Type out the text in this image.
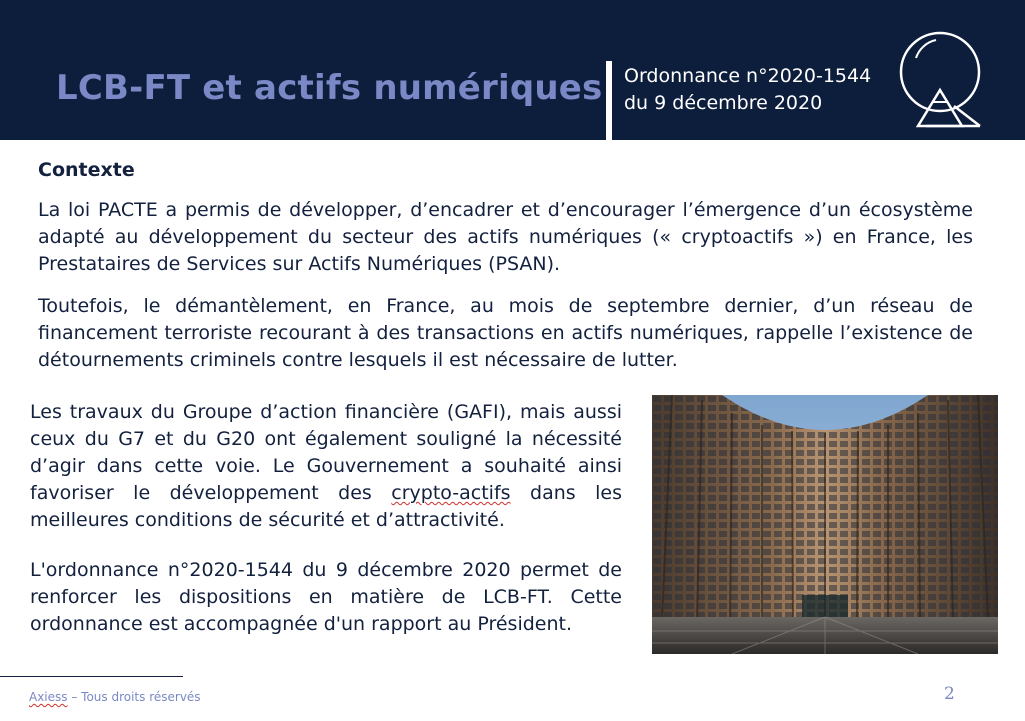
LCB-FT et actifs numériques Ordonnance n°2020-1544
du 9 décembre 2020
Contexte
La loi PACTE a permis de développer, d’encadrer et d’encourager l’émergence d’un écosystème adapté au développement du secteur des actifs numériques (« cryptoactifs ») en France, les Prestataires de Services sur Actifs Numériques (PSAN).
Toutefois, le démantèlement, en France, au mois de septembre dernier, d’un réseau de financement terroriste recourant à des transactions en actifs numériques, rappelle l’existence de détournements criminels contre lesquels il est nécessaire de lutter.
Les travaux du Groupe d’action financière (GAFI), mais aussi ceux du G7 et du G20 ont également souligné la nécessité d’agir dans cette voie. Le Gouvernement a souhaité ainsi favoriser le développement des crypto-actifs dans les meilleures conditions de sécurité et d’attractivité.
L'ordonnance n°2020-1544 du 9 décembre 2020 permet de renforcer les dispositions en matière de LCB-FT. Cette ordonnance est accompagnée d'un rapport au Président.
Axiess – Tous droits réservés	2
